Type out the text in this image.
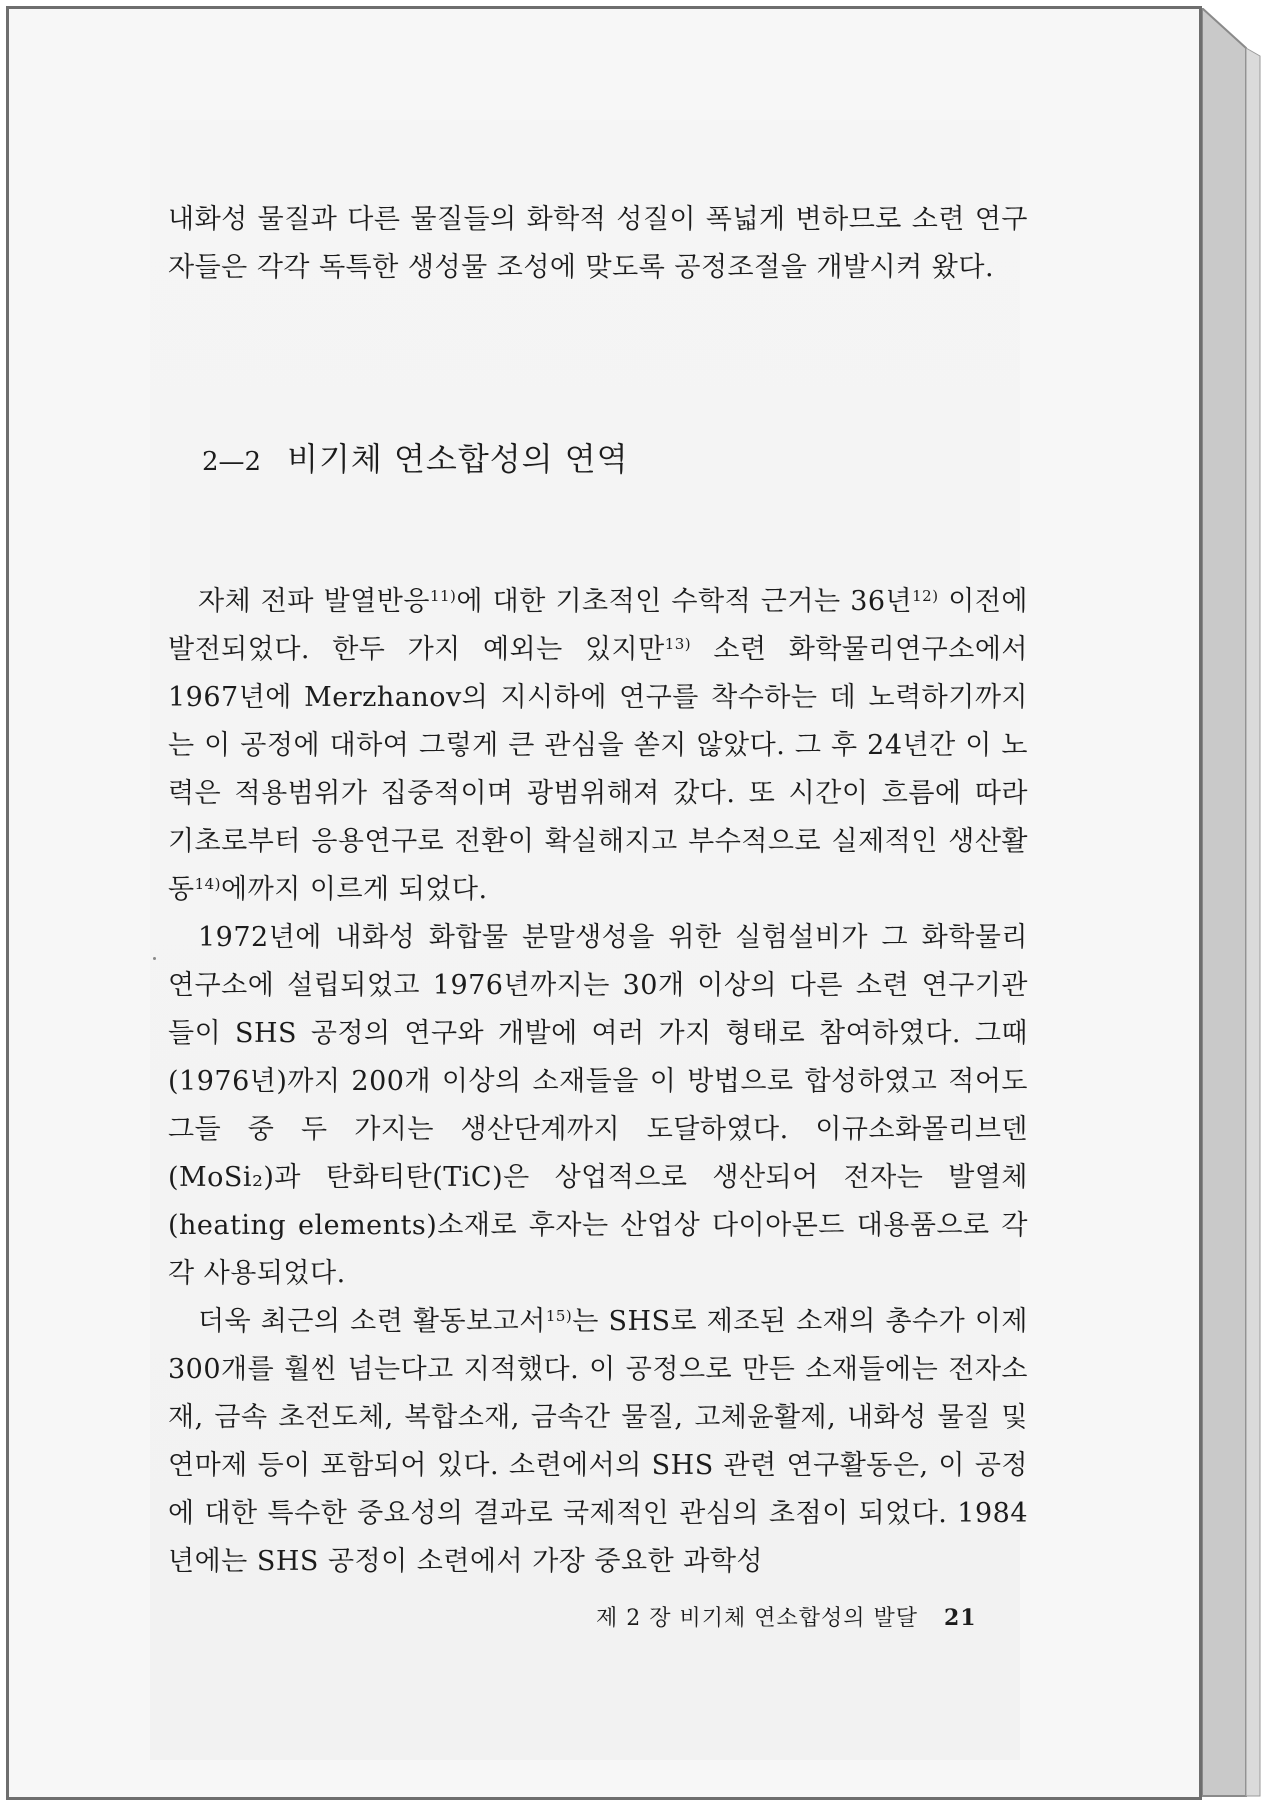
내화성 물질과 다른 물질들의 화학적 성질이 폭넓게 변하므로 소련 연구자들은 각각 독특한 생성물 조성에 맞도록 공정조절을 개발시켜 왔다.
2—2 비기체 연소합성의 연역

자체 전파 발열반응$^{11)}$에 대한 기초적인 수학적 근거는 36년$^{12)}$ 이전에 발전되었다. 한두 가지 예외는 있지만$^{13)}$ 소련 화학물리연구소에서 1967년에 Merzhanov의 지시하에 연구를 착수하는 데 노력하기까지는 이 공정에 대하여 그렇게 큰 관심을 쏟지 않았다. 그 후 24년간 이 노력은 적용범위가 집중적이며 광범위해져 갔다. 또 시간이 흐름에 따라 기초로부터 응용연구로 전환이 확실해지고 부수적으로 실제적인 생산활동$^{14)}$에까지 이르게 되었다.

1972년에 내화성 화합물 분말생성을 위한 실험설비가 그 화학물리 연구소에 설립되었고 1976년까지는 30개 이상의 다른 소련 연구기관들이 SHS 공정의 연구와 개발에 여러 가지 형태로 참여하였다. 그때 (1976년)까지 200개 이상의 소재들을 이 방법으로 합성하였고 적어도 그들 중 두 가지는 생산단계까지 도달하였다. 이규소화몰리브덴 (MoSi₂)과 탄화티탄(TiC)은 상업적으로 생산되어 전자는 발열체 (heating elements)소재로 후자는 산업상 다이아몬드 대용품으로 각각 사용되었다.

더욱 최근의 소련 활동보고서$^{15)}$는 SHS로 제조된 소재의 총수가 이제 300개를 훨씬 넘는다고 지적했다. 이 공정으로 만든 소재들에는 전자소재, 금속 초전도체, 복합소재, 금속간 물질, 고체윤활제, 내화성 물질 및 연마제 등이 포함되어 있다. 소련에서의 SHS 관련 연구활동은, 이 공정에 대한 특수한 중요성의 결과로 국제적인 관심의 초점이 되었다. 1984년에는 SHS 공정이 소련에서 가장 중요한 과학성

제 2 장 비기체 연소합성의 발달 21
